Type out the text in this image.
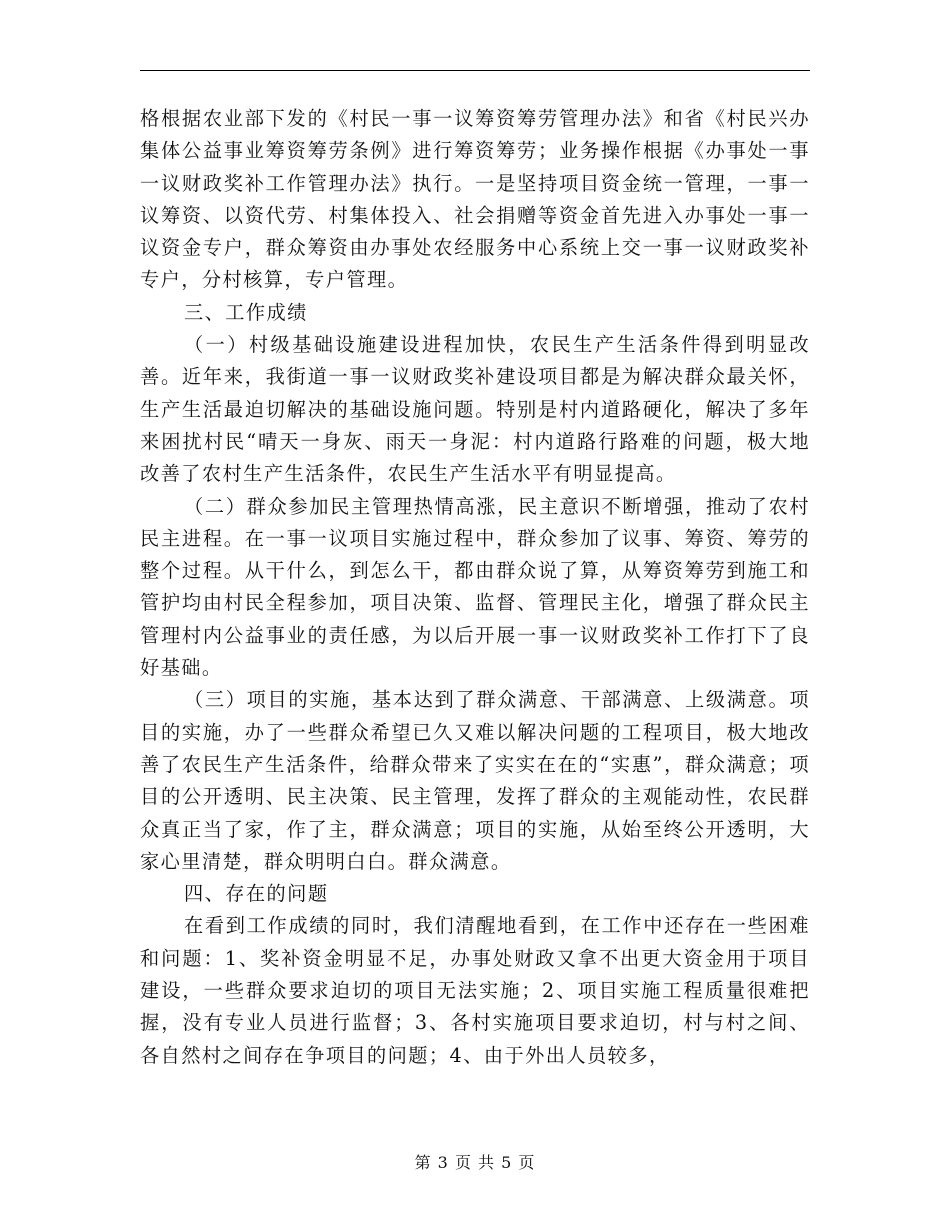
格根据农业部下发的《村民一事一议筹资筹劳管理办法》和省《村民兴办集体公益事业筹资筹劳条例》进行筹资筹劳；业务操作根据《办事处一事一议财政奖补工作管理办法》执行。一是坚持项目资金统一管理，一事一议筹资、以资代劳、村集体投入、社会捐赠等资金首先进入办事处一事一议资金专户，群众筹资由办事处农经服务中心系统上交一事一议财政奖补专户，分村核算，专户管理。

三、工作成绩

（一）村级基础设施建设进程加快，农民生产生活条件得到明显改善。近年来，我街道一事一议财政奖补建设项目都是为解决群众最关怀，生产生活最迫切解决的基础设施问题。特别是村内道路硬化，解决了多年来困扰村民“晴天一身灰、雨天一身泥：村内道路行路难的问题，极大地改善了农村生产生活条件，农民生产生活水平有明显提高。

（二）群众参加民主管理热情高涨，民主意识不断增强，推动了农村民主进程。在一事一议项目实施过程中，群众参加了议事、筹资、筹劳的整个过程。从干什么，到怎么干，都由群众说了算，从筹资筹劳到施工和管护均由村民全程参加，项目决策、监督、管理民主化，增强了群众民主管理村内公益事业的责任感，为以后开展一事一议财政奖补工作打下了良好基础。

（三）项目的实施，基本达到了群众满意、干部满意、上级满意。项目的实施，办了一些群众希望已久又难以解决问题的工程项目，极大地改善了农民生产生活条件，给群众带来了实实在在的“实惠”，群众满意；项目的公开透明、民主决策、民主管理，发挥了群众的主观能动性，农民群众真正当了家，作了主，群众满意；项目的实施，从始至终公开透明，大家心里清楚，群众明明白白。群众满意。

四、存在的问题

在看到工作成绩的同时，我们清醒地看到，在工作中还存在一些困难和问题：1、奖补资金明显不足，办事处财政又拿不出更大资金用于项目建设，一些群众要求迫切的项目无法实施；2、项目实施工程质量很难把握，没有专业人员进行监督；3、各村实施项目要求迫切，村与村之间、各自然村之间存在争项目的问题；4、由于外出人员较多，

第 3 页 共 5 页
